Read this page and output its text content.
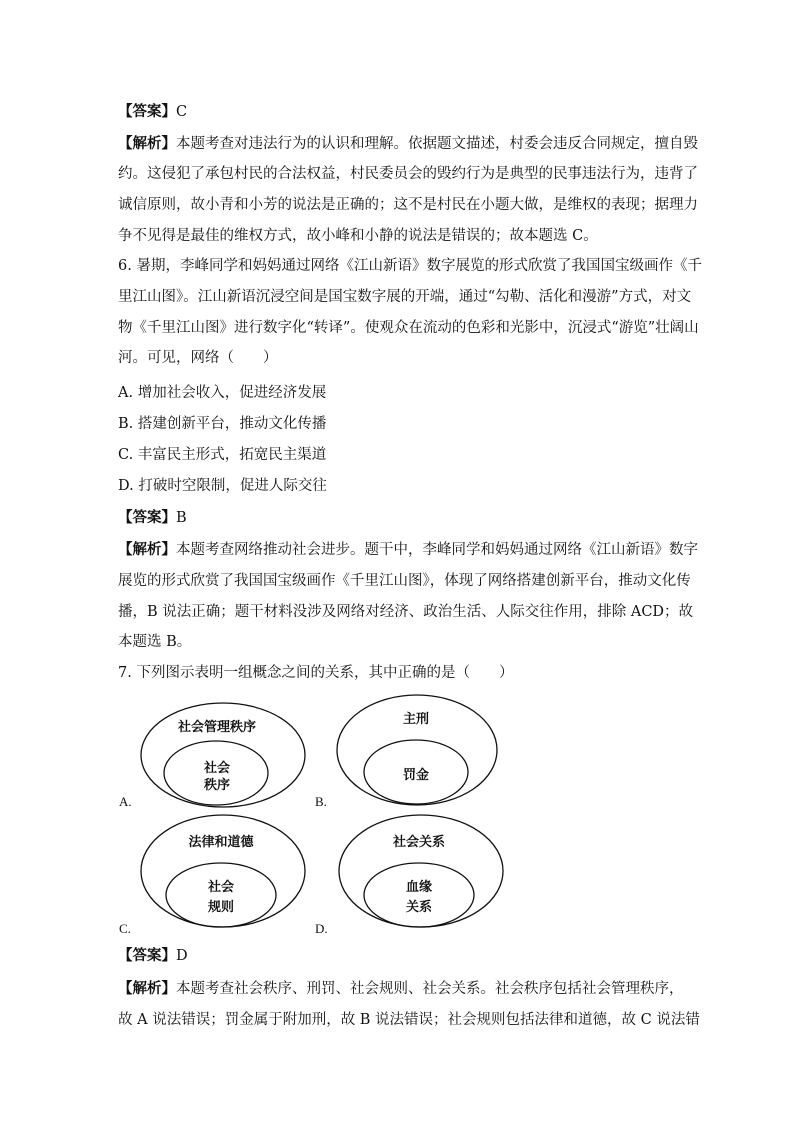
【答案】C
【解析】本题考查对违法行为的认识和理解。依据题文描述，村委会违反合同规定，擅自毁
约。这侵犯了承包村民的合法权益，村民委员会的毁约行为是典型的民事违法行为，违背了
诚信原则，故小青和小芳的说法是正确的；这不是村民在小题大做，是维权的表现；据理力
争不见得是最佳的维权方式，故小峰和小静的说法是错误的；故本题选 C。
6. 暑期，李峰同学和妈妈通过网络《江山新语》数字展览的形式欣赏了我国国宝级画作《千
里江山图》。江山新语沉浸空间是国宝数字展的开端，通过“勾勒、活化和漫游”方式，对文
物《千里江山图》进行数字化“转译”。使观众在流动的色彩和光影中，沉浸式“游览”壮阔山
河。可见，网络（　　）
A. 增加社会收入，促进经济发展
B. 搭建创新平台，推动文化传播
C. 丰富民主形式，拓宽民主渠道
D. 打破时空限制，促进人际交往
【答案】B
【解析】本题考查网络推动社会进步。题干中，李峰同学和妈妈通过网络《江山新语》数字
展览的形式欣赏了我国国宝级画作《千里江山图》，体现了网络搭建创新平台，推动文化传
播，B 说法正确；题干材料没涉及网络对经济、政治生活、人际交往作用，排除 ACD；故
本题选 B。
7. 下列图示表明一组概念之间的关系，其中正确的是（　　）
社会管理秩序
社会
秩序
A.
主刑
罚金
B.
法律和道德
社会
规则
C.
社会关系
血缘
关系
D.
【答案】D
【解析】本题考查社会秩序、刑罚、社会规则、社会关系。社会秩序包括社会管理秩序，
故 A 说法错误；罚金属于附加刑，故 B 说法错误；社会规则包括法律和道德，故 C 说法错
